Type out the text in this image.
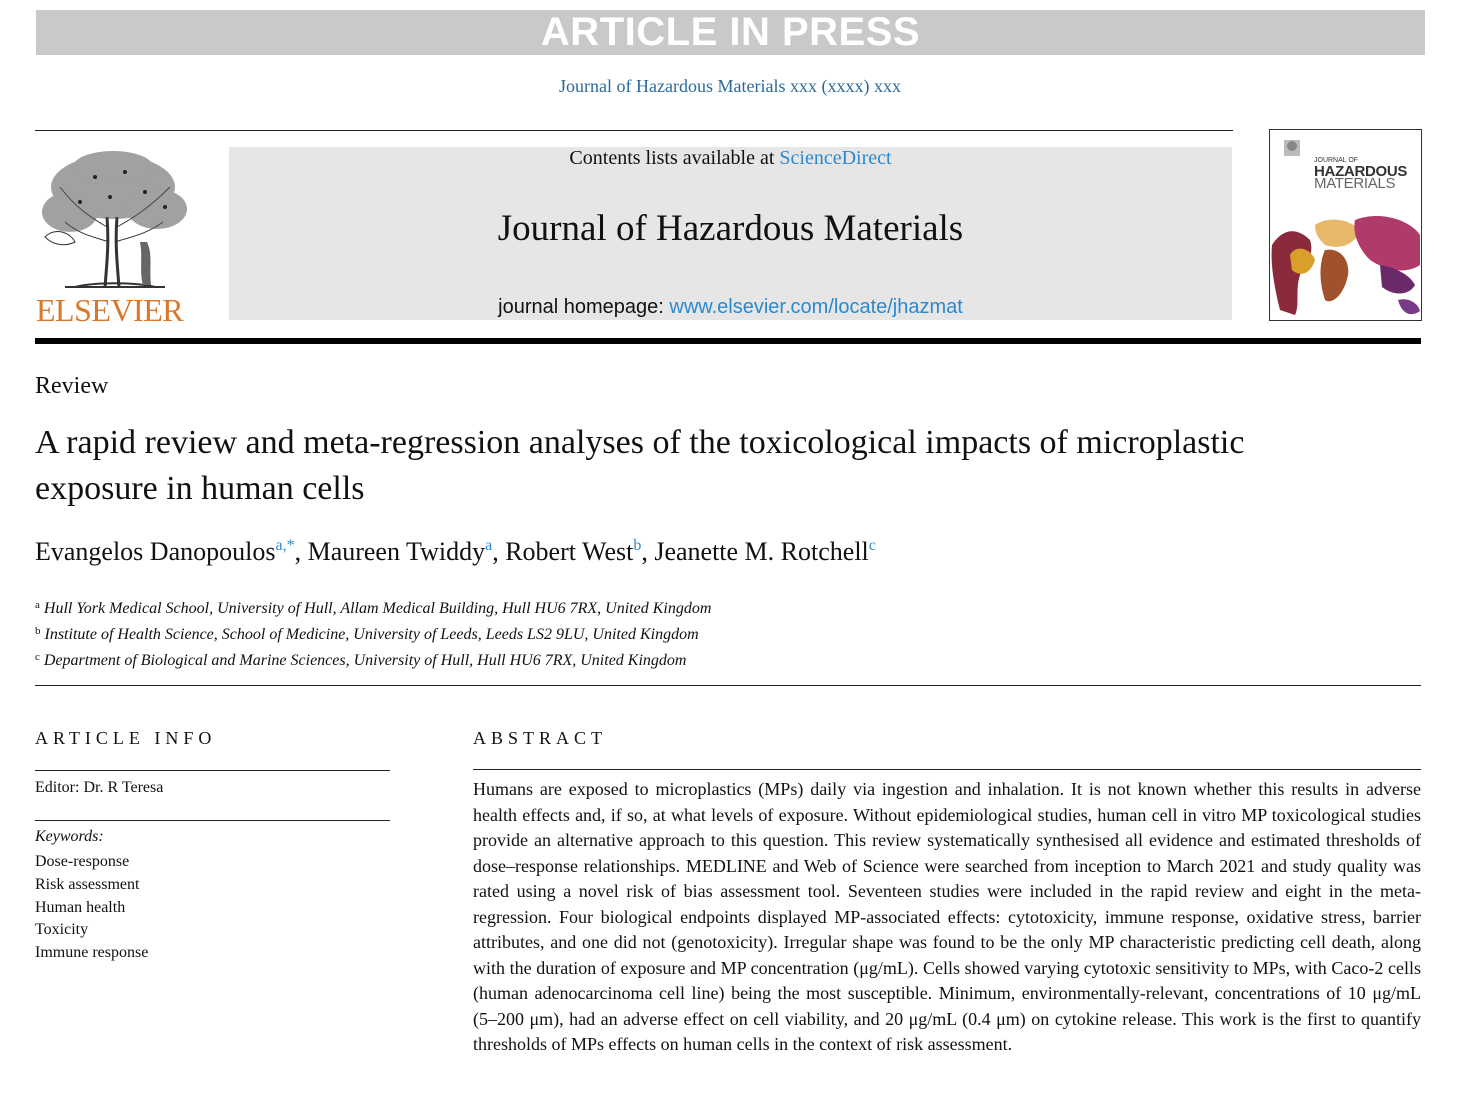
ARTICLE IN PRESS
Journal of Hazardous Materials xxx (xxxx) xxx
ELSEVIER
Contents lists available at ScienceDirect
Journal of Hazardous Materials
journal homepage: www.elsevier.com/locate/jhazmat
JOURNAL OF
HAZARDOUS
MATERIALS
Review
A rapid review and meta-regression analyses of the toxicological impacts of microplastic exposure in human cells
Evangelos Danopoulos$^{a,*}$, Maureen Twiddy$^a$, Robert West$^b$, Jeanette M. Rotchell$^c$
$^a$ Hull York Medical School, University of Hull, Allam Medical Building, Hull HU6 7RX, United Kingdom
$^b$ Institute of Health Science, School of Medicine, University of Leeds, Leeds LS2 9LU, United Kingdom
$^c$ Department of Biological and Marine Sciences, University of Hull, Hull HU6 7RX, United Kingdom
ARTICLE INFO
Editor: Dr. R Teresa
Keywords:
Dose-response
Risk assessment
Human health
Toxicity
Immune response
ABSTRACT

Humans are exposed to microplastics (MPs) daily via ingestion and inhalation. It is not known whether this results in adverse health effects and, if so, at what levels of exposure. Without epidemiological studies, human cell in vitro MP toxicological studies provide an alternative approach to this question. This review systematically synthesised all evidence and estimated thresholds of dose–response relationships. MEDLINE and Web of Science were searched from inception to March 2021 and study quality was rated using a novel risk of bias assessment tool. Seventeen studies were included in the rapid review and eight in the meta-regression. Four biological endpoints displayed MP-associated effects: cytotoxicity, immune response, oxidative stress, barrier attributes, and one did not (genotoxicity). Irregular shape was found to be the only MP characteristic predicting cell death, along with the duration of exposure and MP concentration (μg/mL). Cells showed varying cytotoxic sensitivity to MPs, with Caco-2 cells (human adenocarcinoma cell line) being the most susceptible. Minimum, environmentally-relevant, concentrations of 10 μg/mL (5–200 μm), had an adverse effect on cell viability, and 20 μg/mL (0.4 μm) on cytokine release. This work is the first to quantify thresholds of MPs effects on human cells in the context of risk assessment.
